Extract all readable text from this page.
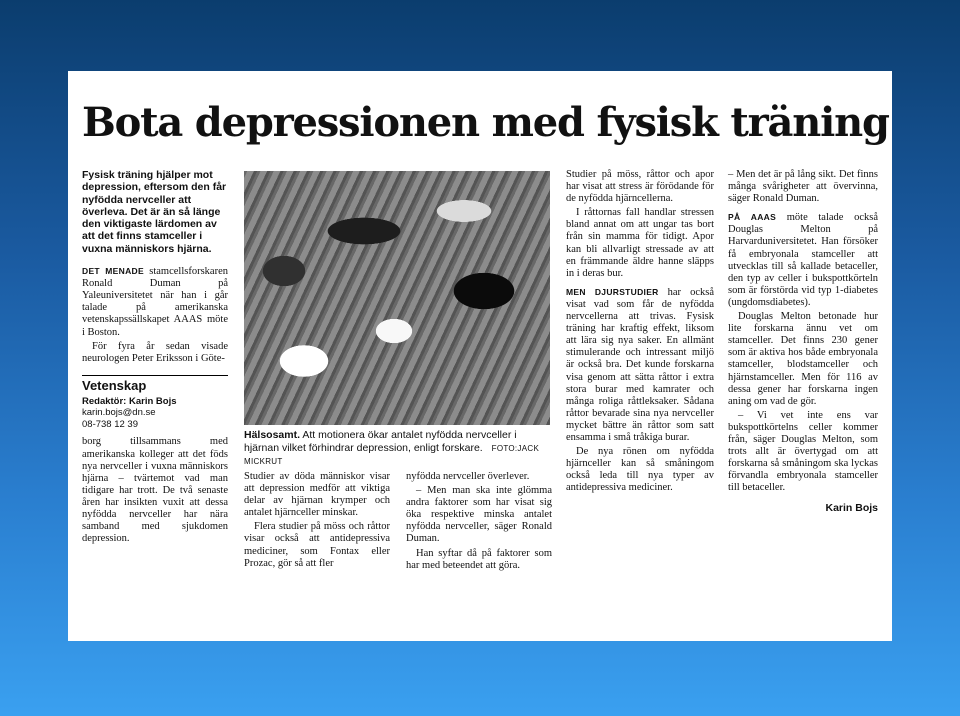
Bota depressionen med fysisk träning
Fysisk träning hjälper mot depression, eftersom den får nyfödda nervceller att överleva. Det är än så länge den viktigaste lärdomen av att det finns stamceller i vuxna människors hjärna.

DET MENADE stamcellsforskaren Ronald Duman på Yaleuniversitetet när han i går talade på amerikanska vetenskapssällskapet AAAS möte i Boston.

För fyra år sedan visade neurologen Peter Eriksson i Göte-

Vetenskap
Redaktör: Karin Bojs
karin.bojs@dn.se
08-738 12 39

borg tillsammans med amerikanska kolleger att det föds nya nervceller i vuxna människors hjärna – tvärtemot vad man tidigare har trott. De två senaste åren har insikten vuxit att dessa nyfödda nervceller har nära samband med sjukdomen depression.

Hälsosamt. Att motionera ökar antalet nyfödda nervceller i hjärnan vilket förhindrar depression, enligt forskare. FOTO:JACK MICKRUT

Studier av döda människor visar att depression medför att viktiga delar av hjärnan krymper och antalet hjärnceller minskar.

Flera studier på möss och råttor visar också att antidepressiva mediciner, som Fontax eller Prozac, gör så att fler

nyfödda nervceller överlever.

– Men man ska inte glömma andra faktorer som har visat sig öka respektive minska antalet nyfödda nervceller, säger Ronald Duman.

Han syftar då på faktorer som har med beteendet att göra.

Studier på möss, råttor och apor har visat att stress är förödande för de nyfödda hjärncellerna.

I råttornas fall handlar stressen bland annat om att ungar tas bort från sin mamma för tidigt. Apor kan bli allvarligt stressade av att en främmande äldre hanne släpps in i deras bur.

MEN DJURSTUDIER har också visat vad som får de nyfödda nervcellerna att trivas. Fysisk träning har kraftig effekt, liksom att lära sig nya saker. En allmänt stimulerande och intressant miljö är också bra. Det kunde forskarna visa genom att sätta råttor i extra stora burar med kamrater och många roliga råttleksaker. Sådana råttor bevarade sina nya nervceller mycket bättre än råttor som satt ensamma i små tråkiga burar.

De nya rönen om nyfödda hjärnceller kan så småningom också leda till nya typer av antidepressiva mediciner.

– Men det är på lång sikt. Det finns många svårigheter att övervinna, säger Ronald Duman.

PÅ AAAS möte talade också Douglas Melton på Harvarduniversitetet. Han försöker få embryonala stamceller att utvecklas till så kallade betaceller, den typ av celler i bukspottkörteln som är förstörda vid typ 1-diabetes (ungdomsdiabetes).

Douglas Melton betonade hur lite forskarna ännu vet om stamceller. Det finns 230 gener som är aktiva hos både embryonala stamceller, blodstamceller och hjärnstamceller. Men för 116 av dessa gener har forskarna ingen aning om vad de gör.

– Vi vet inte ens var bukspottkörtelns celler kommer från, säger Douglas Melton, som trots allt är övertygad om att forskarna så småningom ska lyckas förvandla embryonala stamceller till betaceller.

Karin Bojs
